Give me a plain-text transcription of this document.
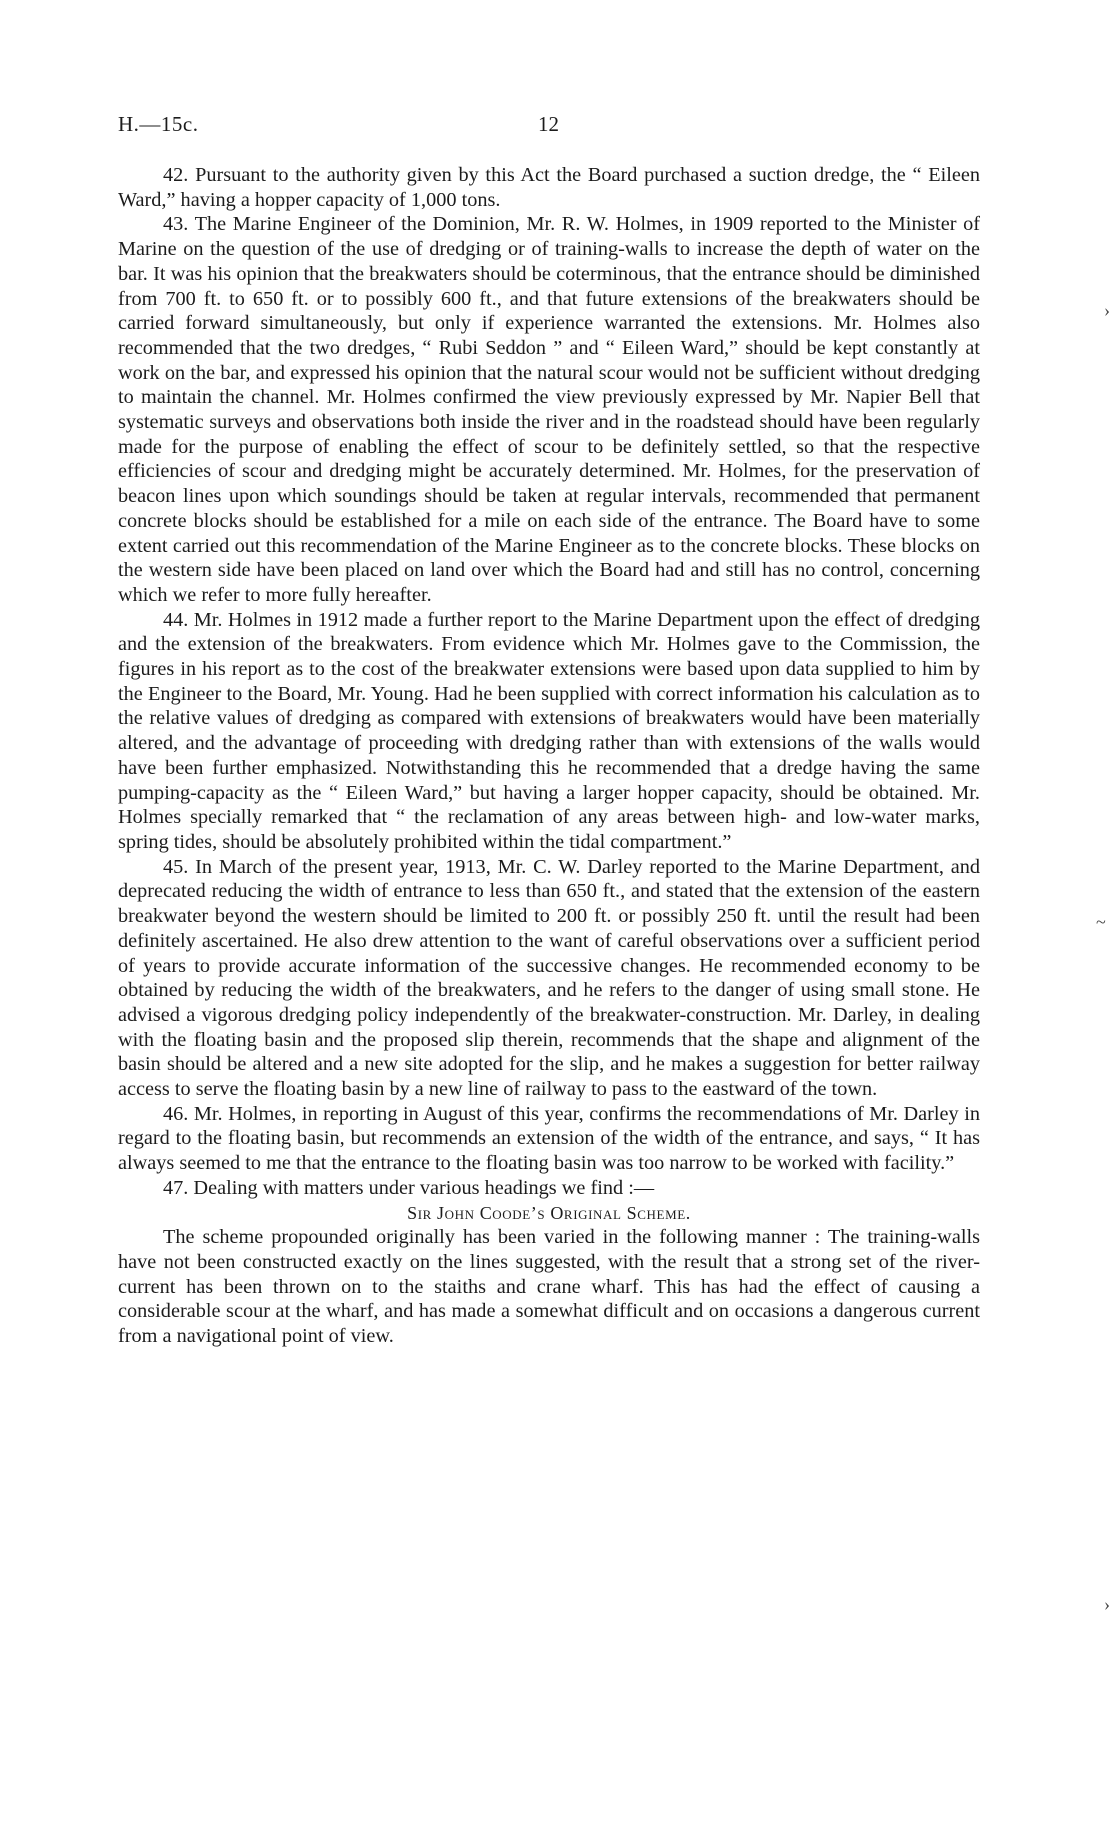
H.—15c.	12

42. Pursuant to the authority given by this Act the Board purchased a suction dredge, the “ Eileen Ward,” having a hopper capacity of 1,000 tons.

43. The Marine Engineer of the Dominion, Mr. R. W. Holmes, in 1909 reported to the Minister of Marine on the question of the use of dredging or of training-walls to increase the depth of water on the bar. It was his opinion that the breakwaters should be coterminous, that the entrance should be diminished from 700 ft. to 650 ft. or to possibly 600 ft., and that future extensions of the breakwaters should be carried forward simultaneously, but only if experience warranted the extensions. Mr. Holmes also recommended that the two dredges, “ Rubi Seddon ” and “ Eileen Ward,” should be kept constantly at work on the bar, and expressed his opinion that the natural scour would not be sufficient without dredging to maintain the channel. Mr. Holmes confirmed the view previously expressed by Mr. Napier Bell that systematic surveys and observations both inside the river and in the roadstead should have been regularly made for the purpose of enabling the effect of scour to be definitely settled, so that the respective efficiencies of scour and dredging might be accurately determined. Mr. Holmes, for the preservation of beacon lines upon which soundings should be taken at regular intervals, recommended that permanent concrete blocks should be established for a mile on each side of the entrance. The Board have to some extent carried out this recommendation of the Marine Engineer as to the concrete blocks. These blocks on the western side have been placed on land over which the Board had and still has no control, concerning which we refer to more fully hereafter.

44. Mr. Holmes in 1912 made a further report to the Marine Department upon the effect of dredging and the extension of the breakwaters. From evidence which Mr. Holmes gave to the Commission, the figures in his report as to the cost of the breakwater extensions were based upon data supplied to him by the Engineer to the Board, Mr. Young. Had he been supplied with correct information his calculation as to the relative values of dredging as compared with extensions of breakwaters would have been materially altered, and the advantage of proceeding with dredging rather than with extensions of the walls would have been further emphasized. Notwithstanding this he recommended that a dredge having the same pumping-capacity as the “ Eileen Ward,” but having a larger hopper capacity, should be obtained. Mr. Holmes specially remarked that “ the reclamation of any areas between high- and low-water marks, spring tides, should be absolutely prohibited within the tidal compartment.”

45. In March of the present year, 1913, Mr. C. W. Darley reported to the Marine Department, and deprecated reducing the width of entrance to less than 650 ft., and stated that the extension of the eastern breakwater beyond the western should be limited to 200 ft. or possibly 250 ft. until the result had been definitely ascertained. He also drew attention to the want of careful observations over a sufficient period of years to provide accurate information of the successive changes. He recommended economy to be obtained by reducing the width of the breakwaters, and he refers to the danger of using small stone. He advised a vigorous dredging policy independently of the breakwater-construction. Mr. Darley, in dealing with the floating basin and the proposed slip therein, recommends that the shape and alignment of the basin should be altered and a new site adopted for the slip, and he makes a suggestion for better railway access to serve the floating basin by a new line of railway to pass to the eastward of the town.

46. Mr. Holmes, in reporting in August of this year, confirms the recommendations of Mr. Darley in regard to the floating basin, but recommends an extension of the width of the entrance, and says, “ It has always seemed to me that the entrance to the floating basin was too narrow to be worked with facility.”

47. Dealing with matters under various headings we find :—

Sir John Coode’s Original Scheme.

The scheme propounded originally has been varied in the following manner : The training-walls have not been constructed exactly on the lines suggested, with the result that a strong set of the river-current has been thrown on to the staiths and crane wharf. This has had the effect of causing a considerable scour at the wharf, and has made a somewhat difficult and on occasions a dangerous current from a navigational point of view.

›
~
›
